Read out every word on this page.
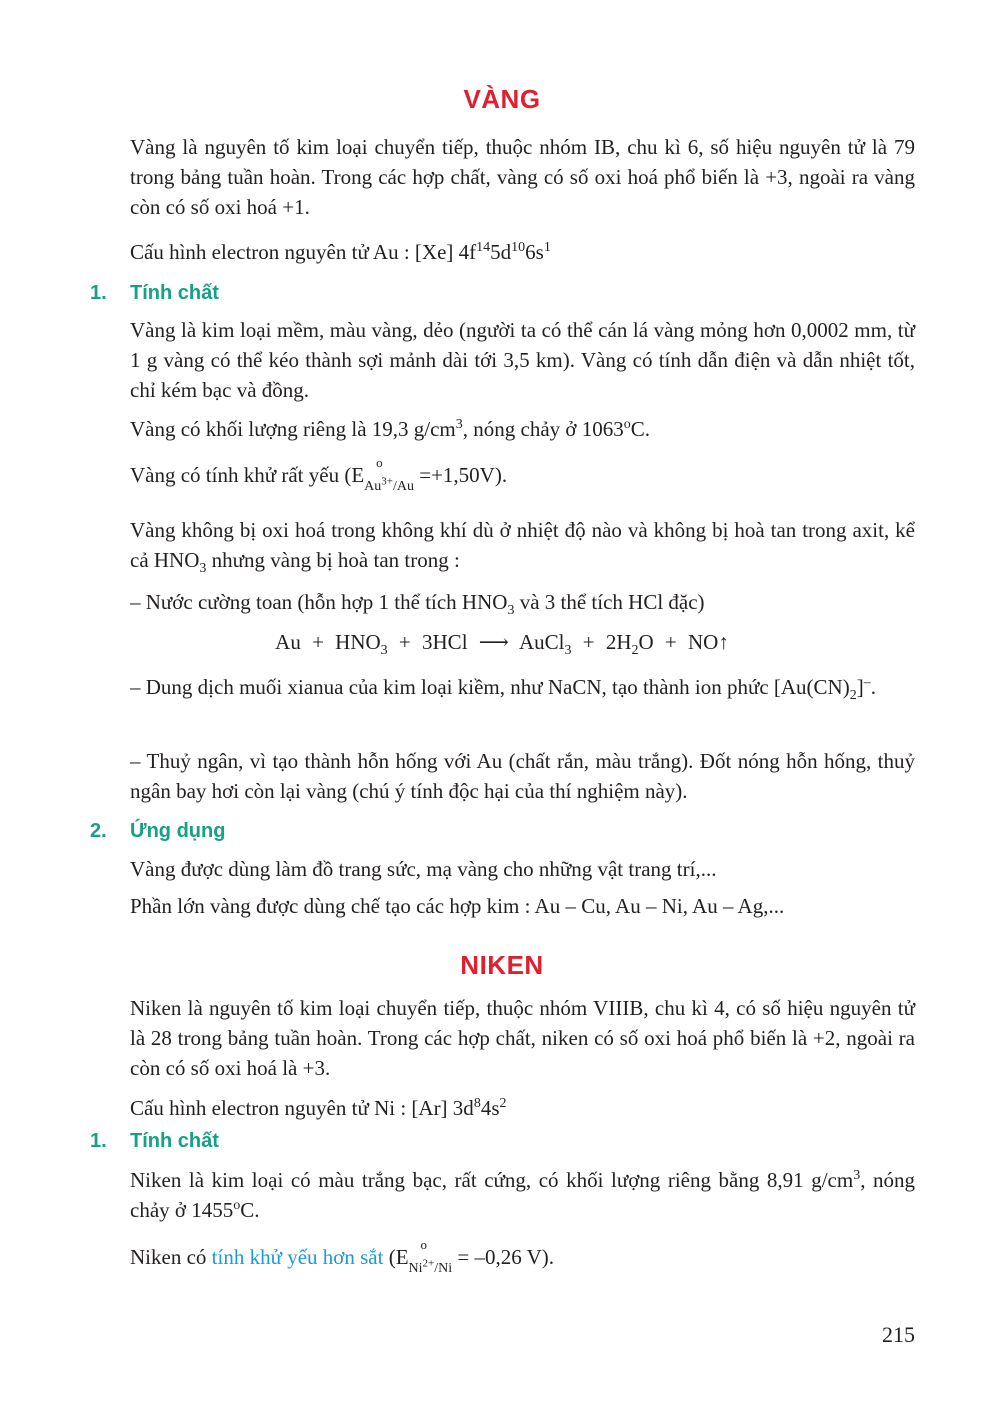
VÀNG
Vàng là nguyên tố kim loại chuyển tiếp, thuộc nhóm IB, chu kì 6, số hiệu nguyên tử là 79 trong bảng tuần hoàn. Trong các hợp chất, vàng có số oxi hoá phổ biến là +3, ngoài ra vàng còn có số oxi hoá +1.
Cấu hình electron nguyên tử Au : [Xe] $4f^{14}5d^{10}6s^1$
1. Tính chất
Vàng là kim loại mềm, màu vàng, dẻo (người ta có thể cán lá vàng mỏng hơn 0,0002 mm, từ 1 g vàng có thể kéo thành sợi mảnh dài tới 3,5 km). Vàng có tính dẫn điện và dẫn nhiệt tốt, chỉ kém bạc và đồng.
Vàng có khối lượng riêng là 19,3 $g/cm^3$, nóng chảy ở 1063$^o$C.
Vàng có tính khử rất yếu (E
o
$_{Au^{3+}/Au}$ =+1,50V).
Vàng không bị oxi hoá trong không khí dù ở nhiệt độ nào và không bị hoà tan trong axit, kể cả $HNO_3$ nhưng vàng bị hoà tan trong :
– Nước cường toan (hỗn hợp 1 thể tích $HNO_3$ và 3 thể tích HCl đặc)
$Au + HNO_3 + 3HCl$ ⟶ AuCl$_3$ + $2H_2O$ + NO↑
– Dung dịch muối xianua của kim loại kiềm, như NaCN, tạo thành ion phức $[Au(CN)_2]^-$.
– Thuỷ ngân, vì tạo thành hỗn hống với Au (chất rắn, màu trắng). Đốt nóng hỗn hống, thuỷ ngân bay hơi còn lại vàng (chú ý tính độc hại của thí nghiệm này).
2. Ứng dụng
Vàng được dùng làm đồ trang sức, mạ vàng cho những vật trang trí,...
Phần lớn vàng được dùng chế tạo các hợp kim : Au – Cu, Au – Ni, Au – Ag,...
NIKEN
Niken là nguyên tố kim loại chuyển tiếp, thuộc nhóm VIIIB, chu kì 4, có số hiệu nguyên tử là 28 trong bảng tuần hoàn. Trong các hợp chất, niken có số oxi hoá phổ biến là +2, ngoài ra còn có số oxi hoá là +3.
Cấu hình electron nguyên tử Ni : [Ar] $3d^84s^2$
1. Tính chất
Niken là kim loại có màu trắng bạc, rất cứng, có khối lượng riêng bằng 8,91 $g/cm^3$, nóng chảy ở 1455$^o$C.
Niken có tính khử yếu hơn sắt (E
o
$_{Ni^{2+}/Ni}$ = –0,26 V).
215
